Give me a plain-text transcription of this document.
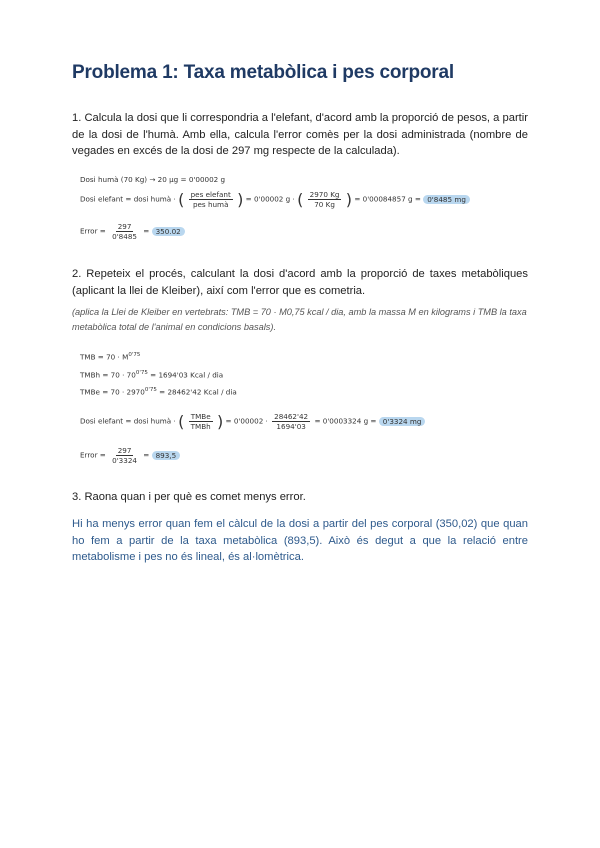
Problema 1: Taxa metabòlica i pes corporal

1. Calcula la dosi que li correspondria a l'elefant, d'acord amb la proporció de pesos, a partir de la dosi de l'humà. Amb ella, calcula l'error comès per la dosi administrada (nombre de vegades en excés de la dosi de 297 mg respecte de la calculada).

Dosi humà (70 Kg) → 20 µg = 0'00002 g
Dosi elefant = dosi humà · ( $\frac{\text{pes elefant}}{\text{pes humà}}$ ) = 0'00002 g · ( $\frac{2970 Kg}{70 Kg}$ ) = 0'00084857 g = 0'8485 mg
Error = $\frac{297}{0'8485} = 350.02$

2. Repeteix el procés, calculant la dosi d'acord amb la proporció de taxes metabòliques (aplicant la llei de Kleiber), així com l'error que es cometria.

(aplica la Llei de Kleiber en vertebrats: TMB = 70 · M0,75 kcal / dia, amb la massa M en kilograms i TMB la taxa metabòlica total de l'animal en condicions basals).

TMB = $70 \cdot M^{0'75}$
TMBh = $70 \cdot 70^{0'75} = 1694'03$ Kcal / dia
TMBe = $70 \cdot 2970^{0'75} = 28462'42$ Kcal / dia
Dosi elefant = dosi humà · ( $\frac{\text{TMBe}}{\text{TMBh}}$ ) = $0'00002 \cdot \frac{28462'42}{1694'03} = 0'0003324$ g = 0'3324 mg
Error = $\frac{297}{0'3324} = 893,5$

3. Raona quan i per què es comet menys error.

Hi ha menys error quan fem el càlcul de la dosi a partir del pes corporal (350,02) que quan ho fem a partir de la taxa metabòlica (893,5). Això és degut a que la relació entre metabolisme i pes no és lineal, és al·lomètrica.
